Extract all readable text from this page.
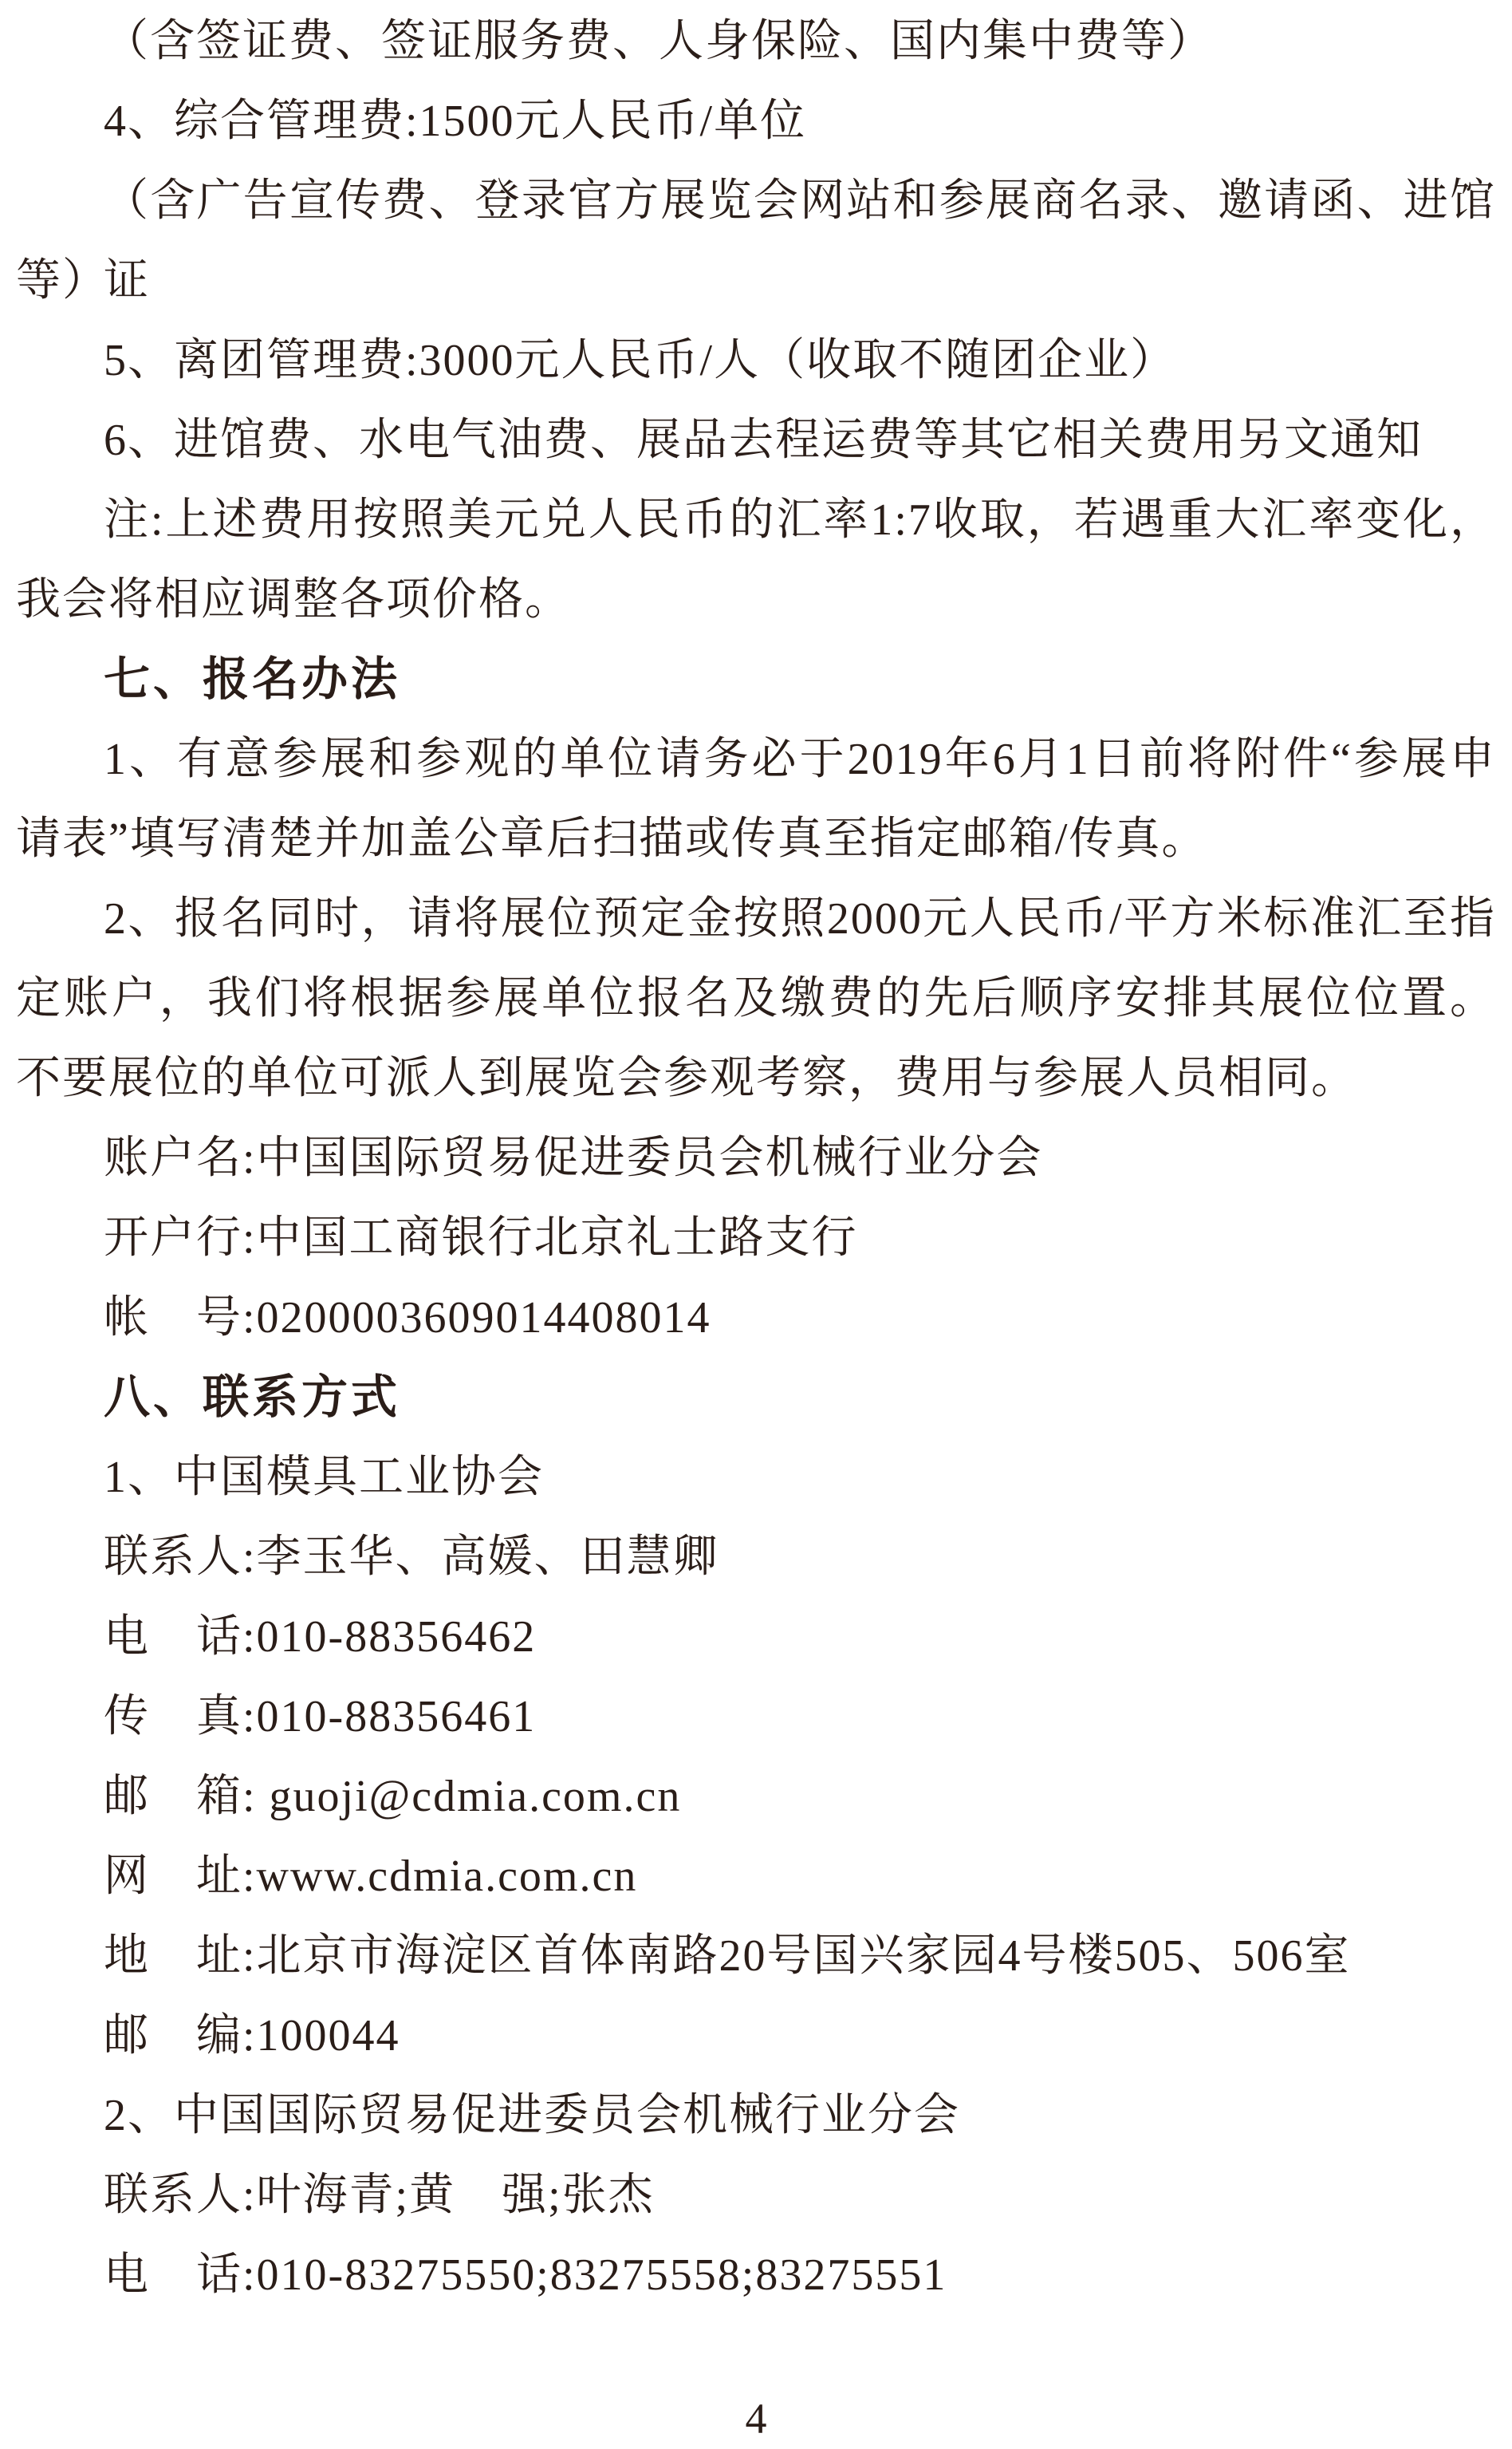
（含签证费、签证服务费、人身保险、国内集中费等）
4、综合管理费:1500元人民币/单位
（含广告宣传费、登录官方展览会网站和参展商名录、邀请函、进馆证
等）
5、离团管理费:3000元人民币/人（收取不随团企业）
6、进馆费、水电气油费、展品去程运费等其它相关费用另文通知
注:上述费用按照美元兑人民币的汇率1:7收取，若遇重大汇率变化，
我会将相应调整各项价格。
七、报名办法
1、有意参展和参观的单位请务必于2019年6月1日前将附件“参展申
请表”填写清楚并加盖公章后扫描或传真至指定邮箱/传真。
2、报名同时，请将展位预定金按照2000元人民币/平方米标准汇至指
定账户，我们将根据参展单位报名及缴费的先后顺序安排其展位位置。
不要展位的单位可派人到展览会参观考察，费用与参展人员相同。
账户名:中国国际贸易促进委员会机械行业分会
开户行:中国工商银行北京礼士路支行
帐　号:0200003609014408014
八、联系方式
1、中国模具工业协会
联系人:李玉华、高媛、田慧卿
电　话:010-88356462
传　真:010-88356461
邮　箱: guoji@cdmia.com.cn
网　址:www.cdmia.com.cn
地　址:北京市海淀区首体南路20号国兴家园4号楼505、506室
邮　编:100044
2、中国国际贸易促进委员会机械行业分会
联系人:叶海青;黄　强;张杰
电　话:010-83275550;83275558;83275551
4
